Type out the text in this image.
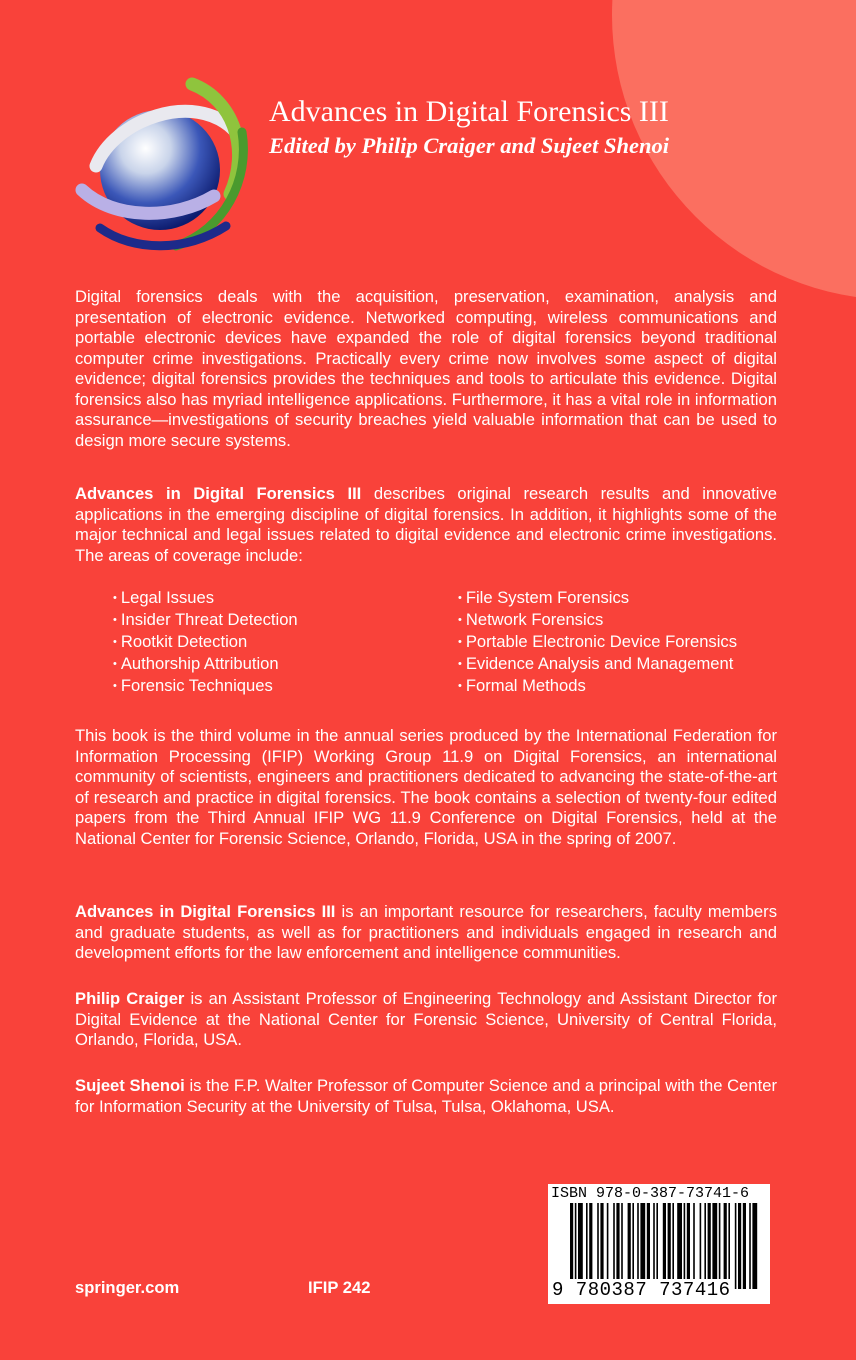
Advances in Digital Forensics III
Edited by Philip Craiger and Sujeet Shenoi

Digital forensics deals with the acquisition, preservation, examination, analysis and presentation of electronic evidence. Networked computing, wireless communications and portable electronic devices have expanded the role of digital forensics beyond traditional computer crime investigations. Practically every crime now involves some aspect of digital evidence; digital forensics provides the techniques and tools to articulate this evidence. Digital forensics also has myriad intelligence applications. Furthermore, it has a vital role in information assurance—investigations of security breaches yield valuable information that can be used to design more secure systems.

Advances in Digital Forensics III describes original research results and innovative applications in the emerging discipline of digital forensics. In addition, it highlights some of the major technical and legal issues related to digital evidence and electronic crime investigations. The areas of coverage include:

• Legal Issues
• Insider Threat Detection
• Rootkit Detection
• Authorship Attribution
• Forensic Techniques
• File System Forensics
• Network Forensics
• Portable Electronic Device Forensics
• Evidence Analysis and Management
• Formal Methods

This book is the third volume in the annual series produced by the International Federation for Information Processing (IFIP) Working Group 11.9 on Digital Forensics, an international community of scientists, engineers and practitioners dedicated to advancing the state-of-the-art of research and practice in digital forensics. The book contains a selection of twenty-four edited papers from the Third Annual IFIP WG 11.9 Conference on Digital Forensics, held at the National Center for Forensic Science, Orlando, Florida, USA in the spring of 2007.

Advances in Digital Forensics III is an important resource for researchers, faculty members and graduate students, as well as for practitioners and individuals engaged in research and development efforts for the law enforcement and intelligence communities.

Philip Craiger is an Assistant Professor of Engineering Technology and Assistant Director for Digital Evidence at the National Center for Forensic Science, University of Central Florida, Orlando, Florida, USA.

Sujeet Shenoi is the F.P. Walter Professor of Computer Science and a principal with the Center for Information Security at the University of Tulsa, Tulsa, Oklahoma, USA.

springer.com	IFIP 242

ISBN 978-0-387-73741-6

9 780387 737416
